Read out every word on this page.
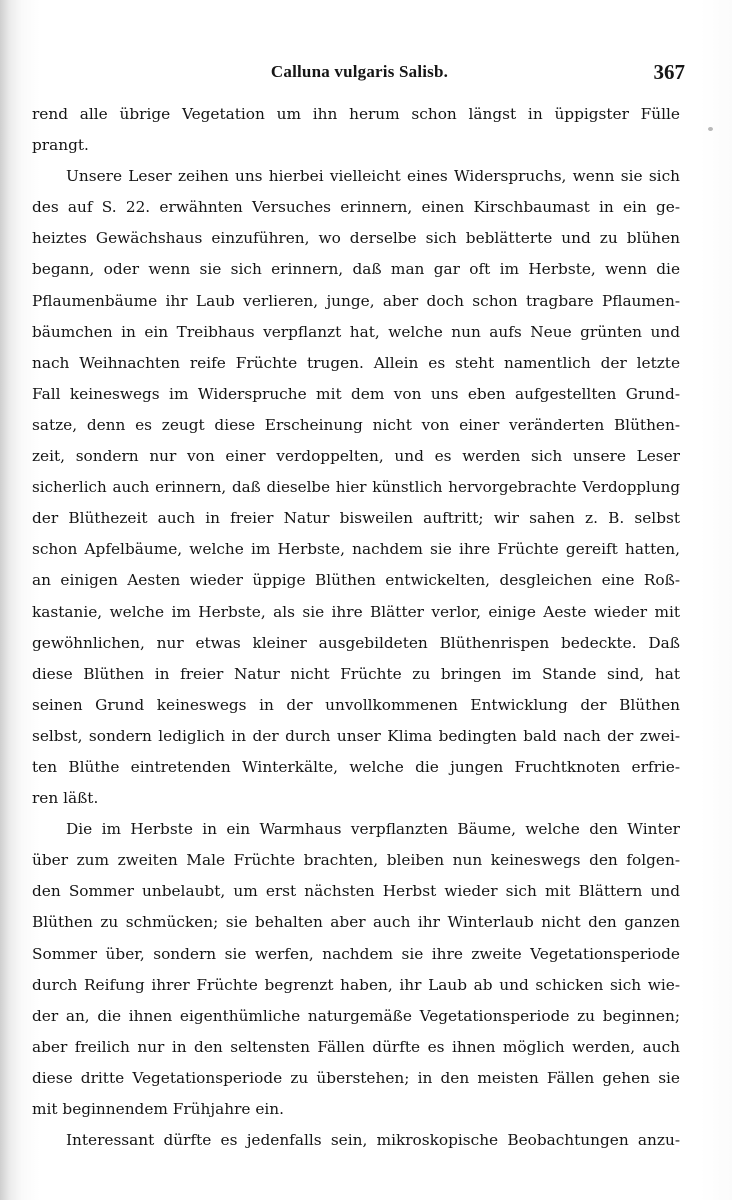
Calluna vulgaris Salisb.	367
rend alle übrige Vegetation um ihn herum schon längst in üppigster Fülle
prangt.
Unsere Leser zeihen uns hierbei vielleicht eines Widerspruchs, wenn sie sich
des auf S. 22. erwähnten Versuches erinnern, einen Kirschbaumast in ein ge-
heiztes Gewächshaus einzuführen, wo derselbe sich beblätterte und zu blühen
begann, oder wenn sie sich erinnern, daß man gar oft im Herbste, wenn die
Pflaumenbäume ihr Laub verlieren, junge, aber doch schon tragbare Pflaumen-
bäumchen in ein Treibhaus verpflanzt hat, welche nun aufs Neue grünten und
nach Weihnachten reife Früchte trugen. Allein es steht namentlich der letzte
Fall keineswegs im Widerspruche mit dem von uns eben aufgestellten Grund-
satze, denn es zeugt diese Erscheinung nicht von einer veränderten Blüthen-
zeit, sondern nur von einer verdoppelten, und es werden sich unsere Leser
sicherlich auch erinnern, daß dieselbe hier künstlich hervorgebrachte Verdopplung
der Blüthezeit auch in freier Natur bisweilen auftritt; wir sahen z. B. selbst
schon Apfelbäume, welche im Herbste, nachdem sie ihre Früchte gereift hatten,
an einigen Aesten wieder üppige Blüthen entwickelten, desgleichen eine Roß-
kastanie, welche im Herbste, als sie ihre Blätter verlor, einige Aeste wieder mit
gewöhnlichen, nur etwas kleiner ausgebildeten Blüthenrispen bedeckte. Daß
diese Blüthen in freier Natur nicht Früchte zu bringen im Stande sind, hat
seinen Grund keineswegs in der unvollkommenen Entwicklung der Blüthen
selbst, sondern lediglich in der durch unser Klima bedingten bald nach der zwei-
ten Blüthe eintretenden Winterkälte, welche die jungen Fruchtknoten erfrie-
ren läßt.
Die im Herbste in ein Warmhaus verpflanzten Bäume, welche den Winter
über zum zweiten Male Früchte brachten, bleiben nun keineswegs den folgen-
den Sommer unbelaubt, um erst nächsten Herbst wieder sich mit Blättern und
Blüthen zu schmücken; sie behalten aber auch ihr Winterlaub nicht den ganzen
Sommer über, sondern sie werfen, nachdem sie ihre zweite Vegetationsperiode
durch Reifung ihrer Früchte begrenzt haben, ihr Laub ab und schicken sich wie-
der an, die ihnen eigenthümliche naturgemäße Vegetationsperiode zu beginnen;
aber freilich nur in den seltensten Fällen dürfte es ihnen möglich werden, auch
diese dritte Vegetationsperiode zu überstehen; in den meisten Fällen gehen sie
mit beginnendem Frühjahre ein.
Interessant dürfte es jedenfalls sein, mikroskopische Beobachtungen anzu-
